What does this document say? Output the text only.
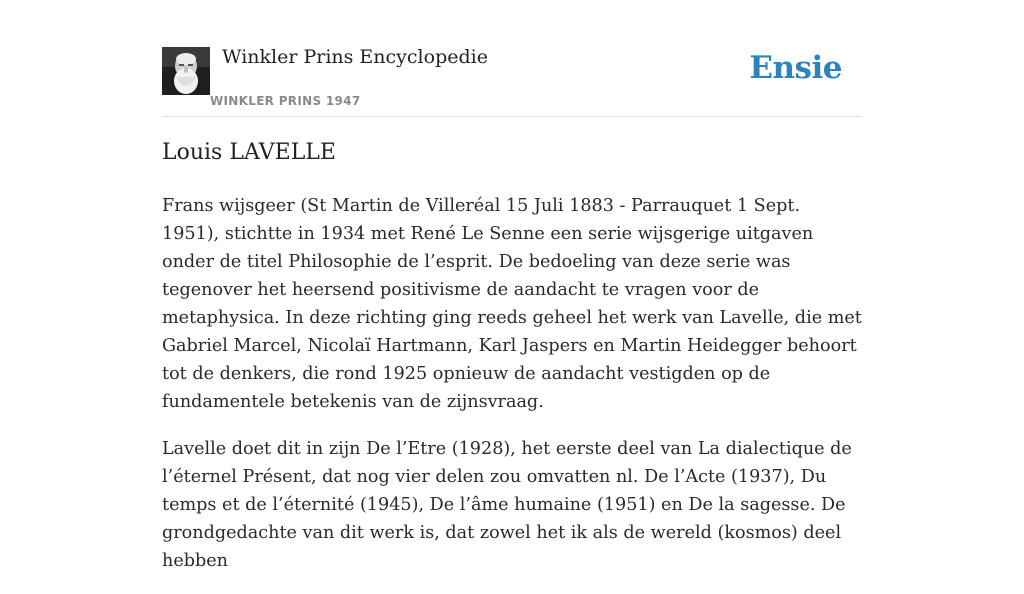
Winkler Prins Encyclopedie
WINKLER PRINS 1947
Ensie
Louis LAVELLE

Frans wijsgeer (St Martin de Villeréal 15 Juli 1883 - Parrauquet 1 Sept. 1951), stichtte in 1934 met René Le Senne een serie wijsgerige uitgaven onder de titel Philosophie de l’esprit. De bedoeling van deze serie was tegenover het heersend positivisme de aandacht te vragen voor de metaphysica. In deze richting ging reeds geheel het werk van Lavelle, die met Gabriel Marcel, Nicolaï Hartmann, Karl Jaspers en Martin Heidegger behoort tot de denkers, die rond 1925 opnieuw de aandacht vestigden op de fundamentele betekenis van de zijnsvraag.

Lavelle doet dit in zijn De l’Etre (1928), het eerste deel van La dialectique de l’éternel Présent, dat nog vier delen zou omvatten nl. De l’Acte (1937), Du temps et de l’éternité (1945), De l’âme humaine (1951) en De la sagesse. De grondgedachte van dit werk is, dat zowel het ik als de wereld (kosmos) deel hebben
